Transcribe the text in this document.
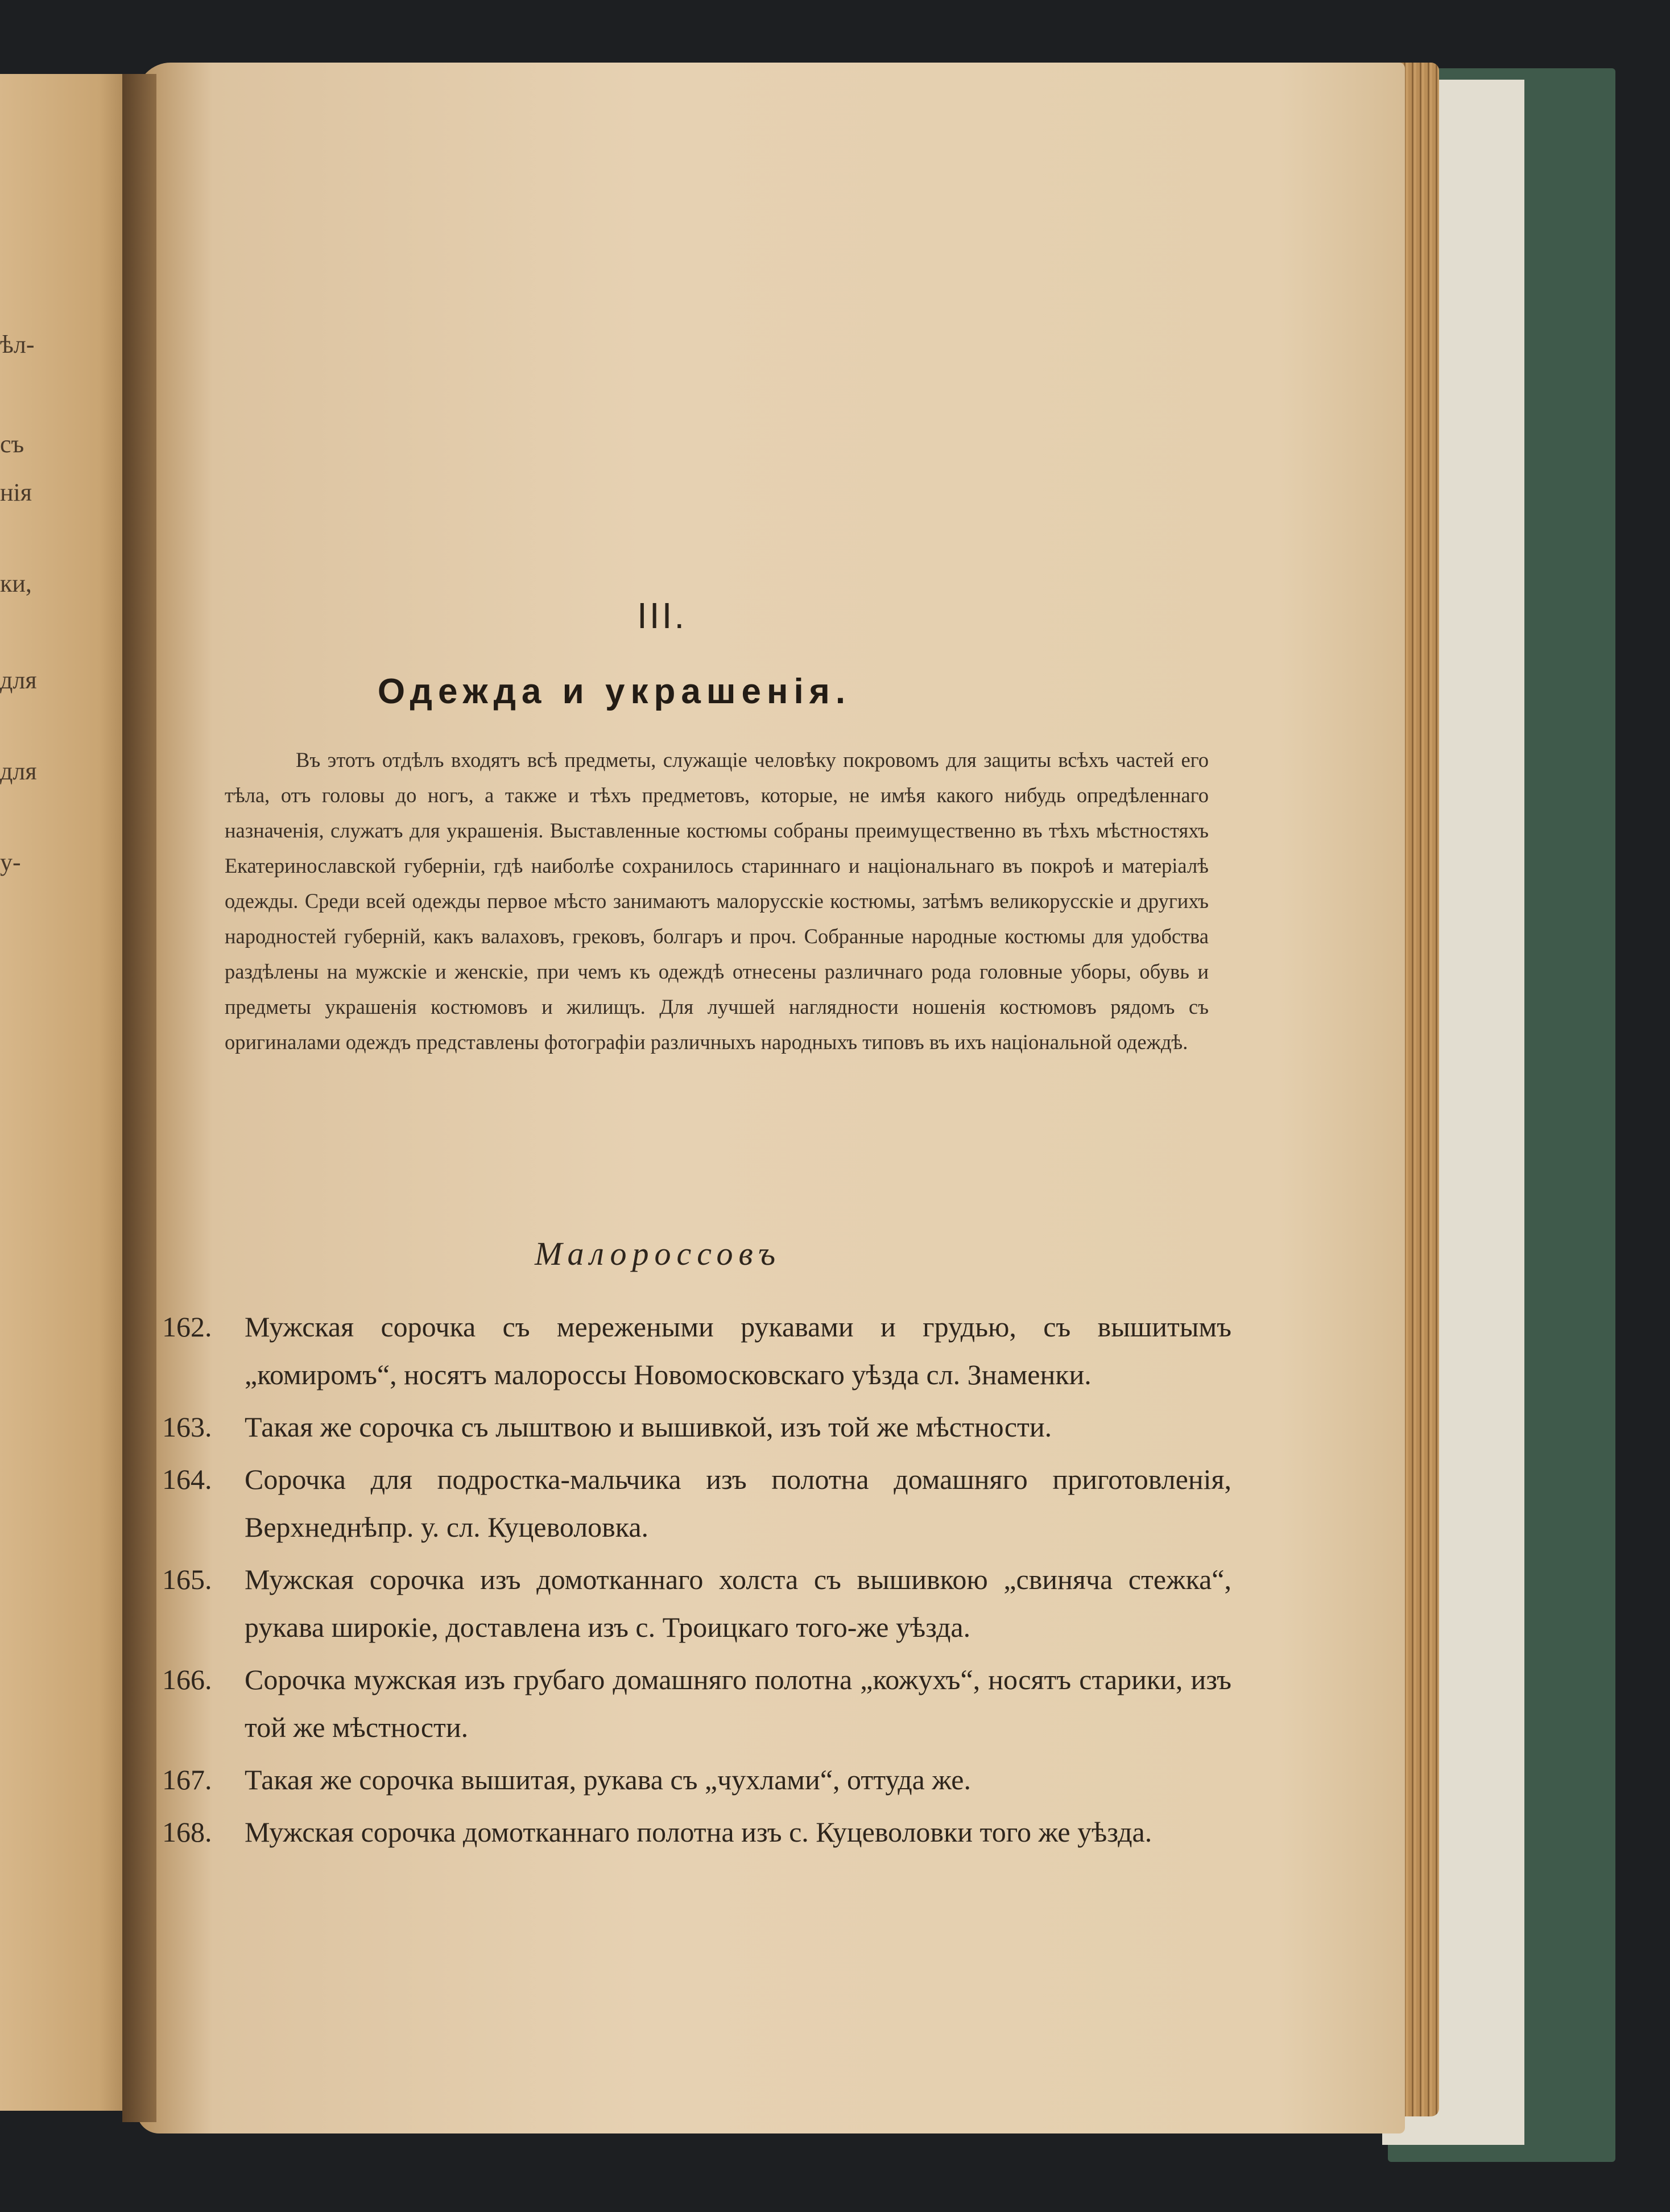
ѣл-
съ
нія
ки,
для
для
у-
III.
Одежда и украшенія.
Въ этотъ отдѣлъ входятъ всѣ предметы, служащіе человѣку покровомъ для защиты всѣхъ частей его тѣла, отъ головы до ногъ, а также и тѣхъ предметовъ, которые, не имѣя какого нибудь опредѣленнаго назначенія, служатъ для украшенія. Выставленные костюмы собраны преимущественно въ тѣхъ мѣстностяхъ Екатеринославской губерніи, гдѣ наиболѣе сохранилось стариннаго и національнаго въ покроѣ и матеріалѣ одежды. Среди всей одежды первое мѣсто занимаютъ малорусскіе костюмы, затѣмъ великорусскіе и другихъ народностей губерній, какъ валаховъ, грековъ, болгаръ и проч. Собранные народные костюмы для удобства раздѣлены на мужскіе и женскіе, при чемъ къ одеждѣ отнесены различнаго рода головные уборы, обувь и предметы украшенія костюмовъ и жилищъ. Для лучшей наглядности ношенія костюмовъ рядомъ съ оригиналами одеждъ представлены фотографіи различныхъ народныхъ типовъ въ ихъ національной одеждѣ.
Малороссовъ
162.	Мужская сорочка съ мережеными рукавами и грудью, съ вышитымъ „комиромъ“, носятъ малороссы Новомосковскаго уѣзда сл. Знаменки.
163.	Такая же сорочка съ лыштвою и вышивкой, изъ той же мѣстности.
164.	Сорочка для подростка-мальчика изъ полотна домашняго приготовленія, Верхнеднѣпр. у. сл. Куцеволовка.
165.	Мужская сорочка изъ домотканнаго холста съ вышивкою „свиняча стежка“, рукава широкіе, доставлена изъ с. Троицкаго того-же уѣзда.
166.	Сорочка мужская изъ грубаго домашняго полотна „кожухъ“, носятъ старики, изъ той же мѣстности.
167.	Такая же сорочка вышитая, рукава съ „чухлами“, оттуда же.
168.	Мужская сорочка домотканнаго полотна изъ с. Куцеволовки того же уѣзда.
